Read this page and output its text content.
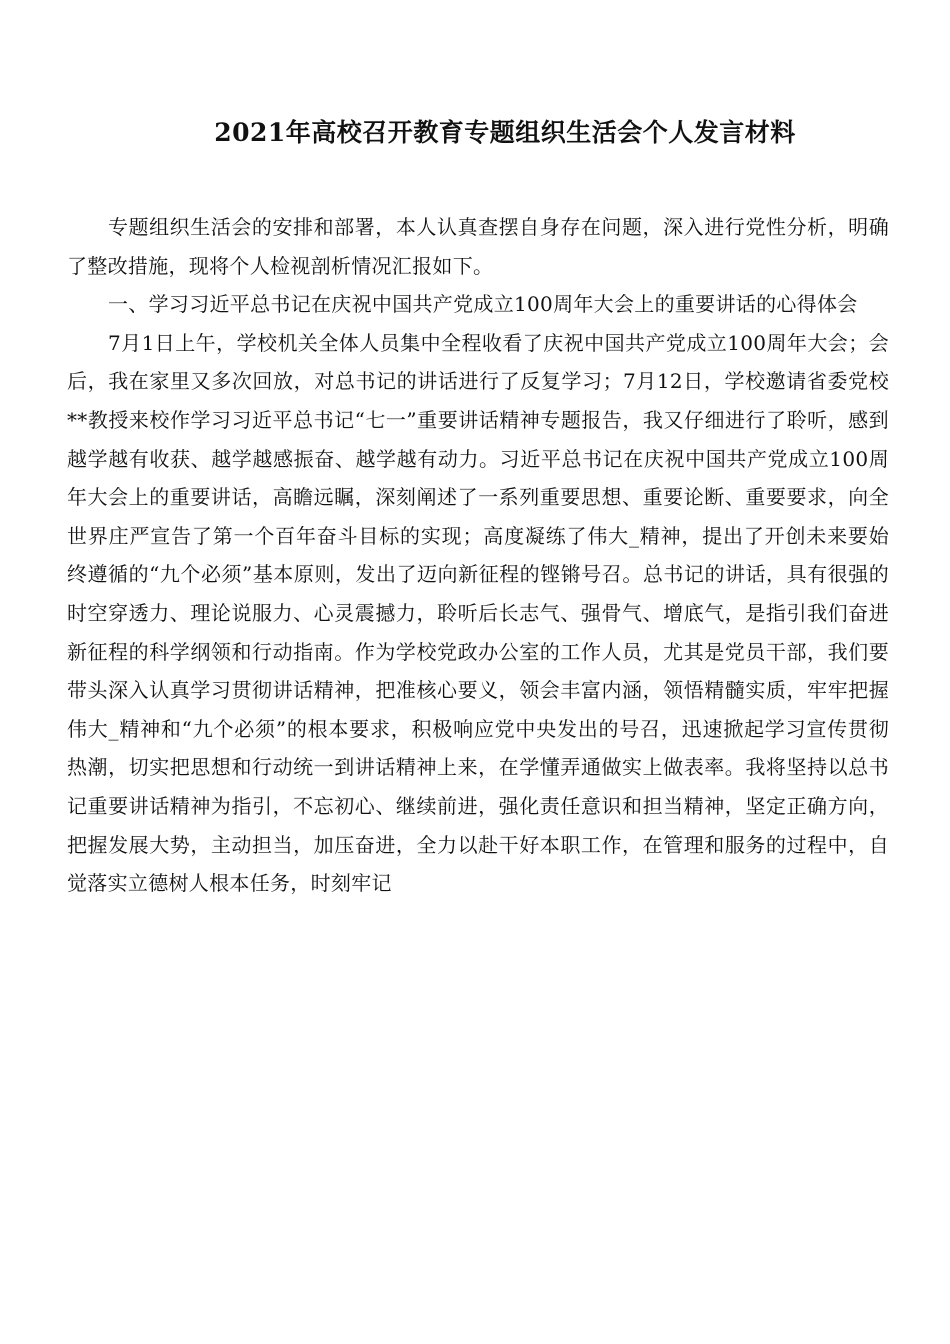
2021年高校召开教育专题组织生活会个人发言材料

专题组织生活会的安排和部署，本人认真查摆自身存在问题，深入进行党性分析，明确了整改措施，现将个人检视剖析情况汇报如下。

一、学习习近平总书记在庆祝中国共产党成立100周年大会上的重要讲话的心得体会

7月1日上午，学校机关全体人员集中全程收看了庆祝中国共产党成立100周年大会；会后，我在家里又多次回放，对总书记的讲话进行了反复学习；7月12日，学校邀请省委党校**教授来校作学习习近平总书记“七一”重要讲话精神专题报告，我又仔细进行了聆听，感到越学越有收获、越学越感振奋、越学越有动力。习近平总书记在庆祝中国共产党成立100周年大会上的重要讲话，高瞻远瞩，深刻阐述了一系列重要思想、重要论断、重要要求，向全世界庄严宣告了第一个百年奋斗目标的实现；高度凝练了伟大_精神，提出了开创未来要始终遵循的“九个必须”基本原则，发出了迈向新征程的铿锵号召。总书记的讲话，具有很强的时空穿透力、理论说服力、心灵震撼力，聆听后长志气、强骨气、增底气，是指引我们奋进新征程的科学纲领和行动指南。作为学校党政办公室的工作人员，尤其是党员干部，我们要带头深入认真学习贯彻讲话精神，把准核心要义，领会丰富内涵，领悟精髓实质，牢牢把握伟大_精神和“九个必须”的根本要求，积极响应党中央发出的号召，迅速掀起学习宣传贯彻热潮，切实把思想和行动统一到讲话精神上来，在学懂弄通做实上做表率。我将坚持以总书记重要讲话精神为指引，不忘初心、继续前进，强化责任意识和担当精神，坚定正确方向，把握发展大势，主动担当，加压奋进，全力以赴干好本职工作，在管理和服务的过程中，自觉落实立德树人根本任务，时刻牢记
